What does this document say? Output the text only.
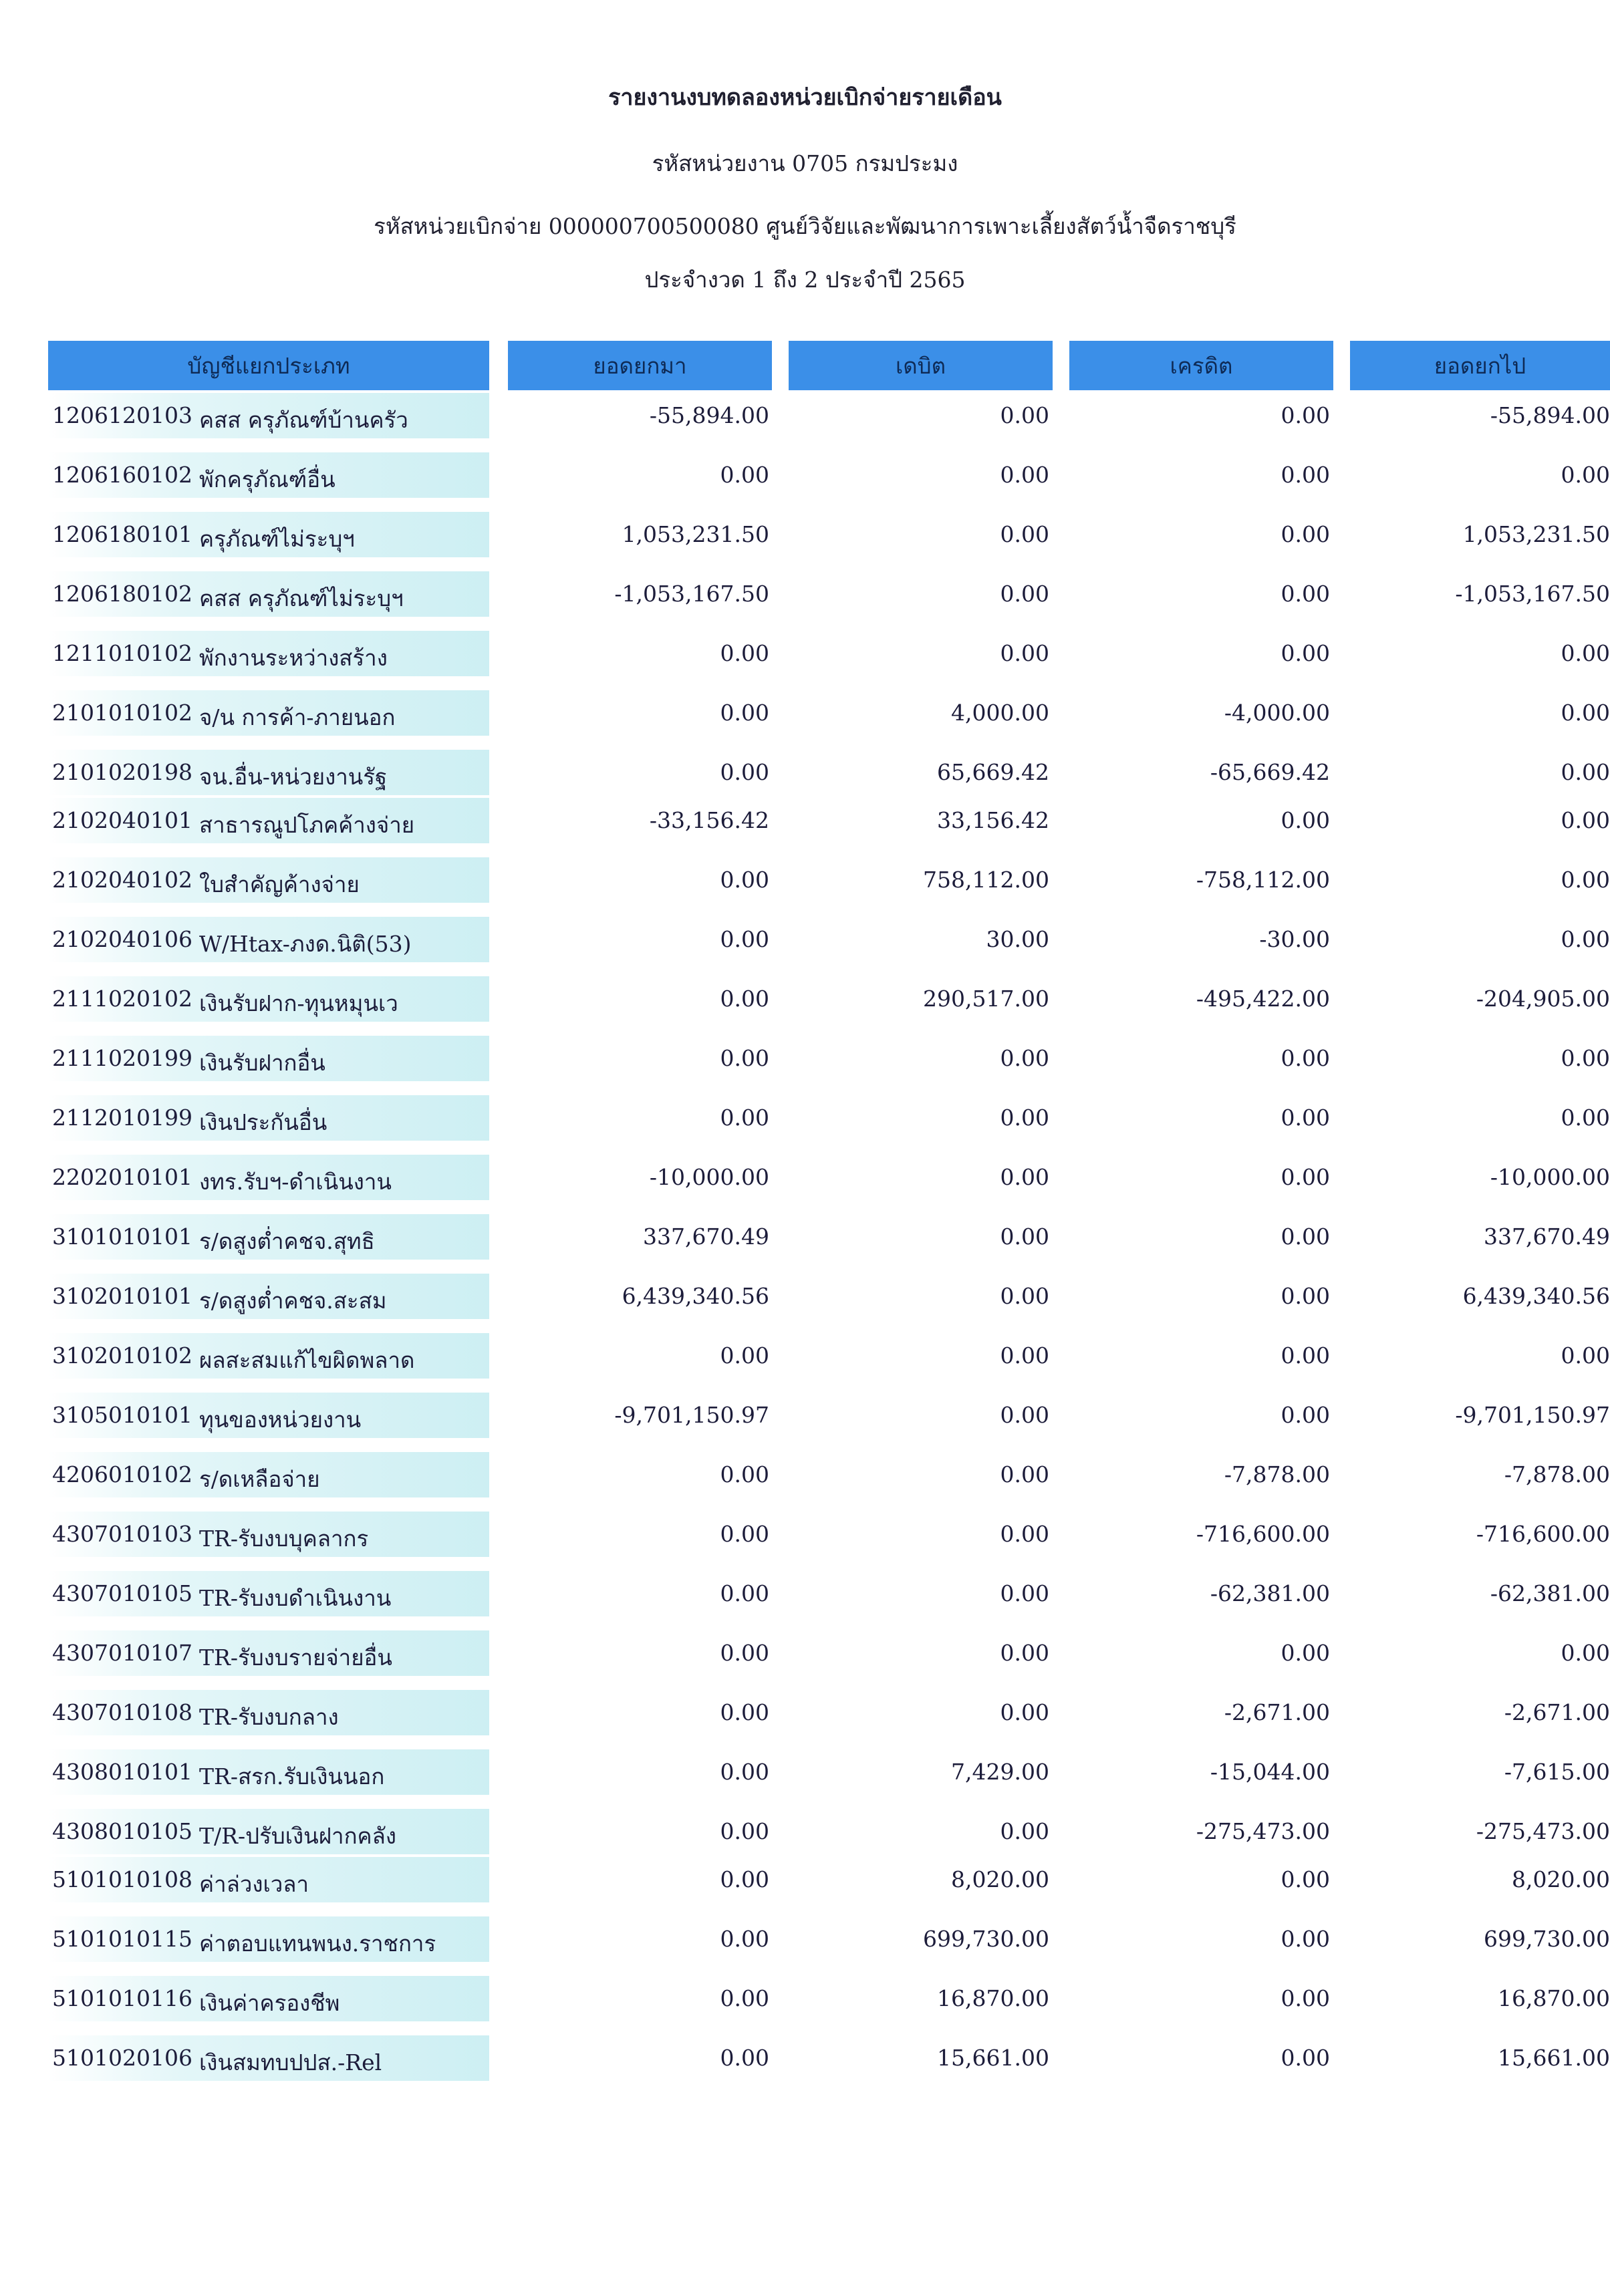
รายงานงบทดลองหน่วยเบิกจ่ายรายเดือน
รหัสหน่วยงาน 0705 กรมประมง
รหัสหน่วยเบิกจ่าย 000000700500080 ศูนย์วิจัยและพัฒนาการเพาะเลี้ยงสัตว์น้ำจืดราชบุรี
ประจำงวด 1 ถึง 2 ประจำปี 2565
บัญชีแยกประเภท	ยอดยกมา	เดบิต	เครดิต	ยอดยกไป
1206120103 คสส ครุภัณฑ์บ้านครัว	-55,894.00	0.00	0.00	-55,894.00
1206160102 พักครุภัณฑ์อื่น	0.00	0.00	0.00	0.00
1206180101 ครุภัณฑ์ไม่ระบุฯ	1,053,231.50	0.00	0.00	1,053,231.50
1206180102 คสส ครุภัณฑ์ไม่ระบุฯ	-1,053,167.50	0.00	0.00	-1,053,167.50
1211010102 พักงานระหว่างสร้าง	0.00	0.00	0.00	0.00
2101010102 จ/น การค้า-ภายนอก	0.00	4,000.00	-4,000.00	0.00
2101020198 จน.อื่น-หน่วยงานรัฐ	0.00	65,669.42	-65,669.42	0.00
2102040101 สาธารณูปโภคค้างจ่าย	-33,156.42	33,156.42	0.00	0.00
2102040102 ใบสำคัญค้างจ่าย	0.00	758,112.00	-758,112.00	0.00
2102040106 W/Htax-ภงด.นิติ(53)	0.00	30.00	-30.00	0.00
2111020102 เงินรับฝาก-ทุนหมุนเว	0.00	290,517.00	-495,422.00	-204,905.00
2111020199 เงินรับฝากอื่น	0.00	0.00	0.00	0.00
2112010199 เงินประกันอื่น	0.00	0.00	0.00	0.00
2202010101 งทร.รับฯ-ดำเนินงาน	-10,000.00	0.00	0.00	-10,000.00
3101010101 ร/ดสูงต่ำคชจ.สุทธิ	337,670.49	0.00	0.00	337,670.49
3102010101 ร/ดสูงต่ำคชจ.สะสม	6,439,340.56	0.00	0.00	6,439,340.56
3102010102 ผลสะสมแก้ไขผิดพลาด	0.00	0.00	0.00	0.00
3105010101 ทุนของหน่วยงาน	-9,701,150.97	0.00	0.00	-9,701,150.97
4206010102 ร/ดเหลือจ่าย	0.00	0.00	-7,878.00	-7,878.00
4307010103 TR-รับงบบุคลากร	0.00	0.00	-716,600.00	-716,600.00
4307010105 TR-รับงบดำเนินงาน	0.00	0.00	-62,381.00	-62,381.00
4307010107 TR-รับงบรายจ่ายอื่น	0.00	0.00	0.00	0.00
4307010108 TR-รับงบกลาง	0.00	0.00	-2,671.00	-2,671.00
4308010101 TR-สรก.รับเงินนอก	0.00	7,429.00	-15,044.00	-7,615.00
4308010105 T/R-ปรับเงินฝากคลัง	0.00	0.00	-275,473.00	-275,473.00
5101010108 ค่าล่วงเวลา	0.00	8,020.00	0.00	8,020.00
5101010115 ค่าตอบแทนพนง.ราชการ	0.00	699,730.00	0.00	699,730.00
5101010116 เงินค่าครองชีพ	0.00	16,870.00	0.00	16,870.00
5101020106 เงินสมทบปปส.-Rel	0.00	15,661.00	0.00	15,661.00
